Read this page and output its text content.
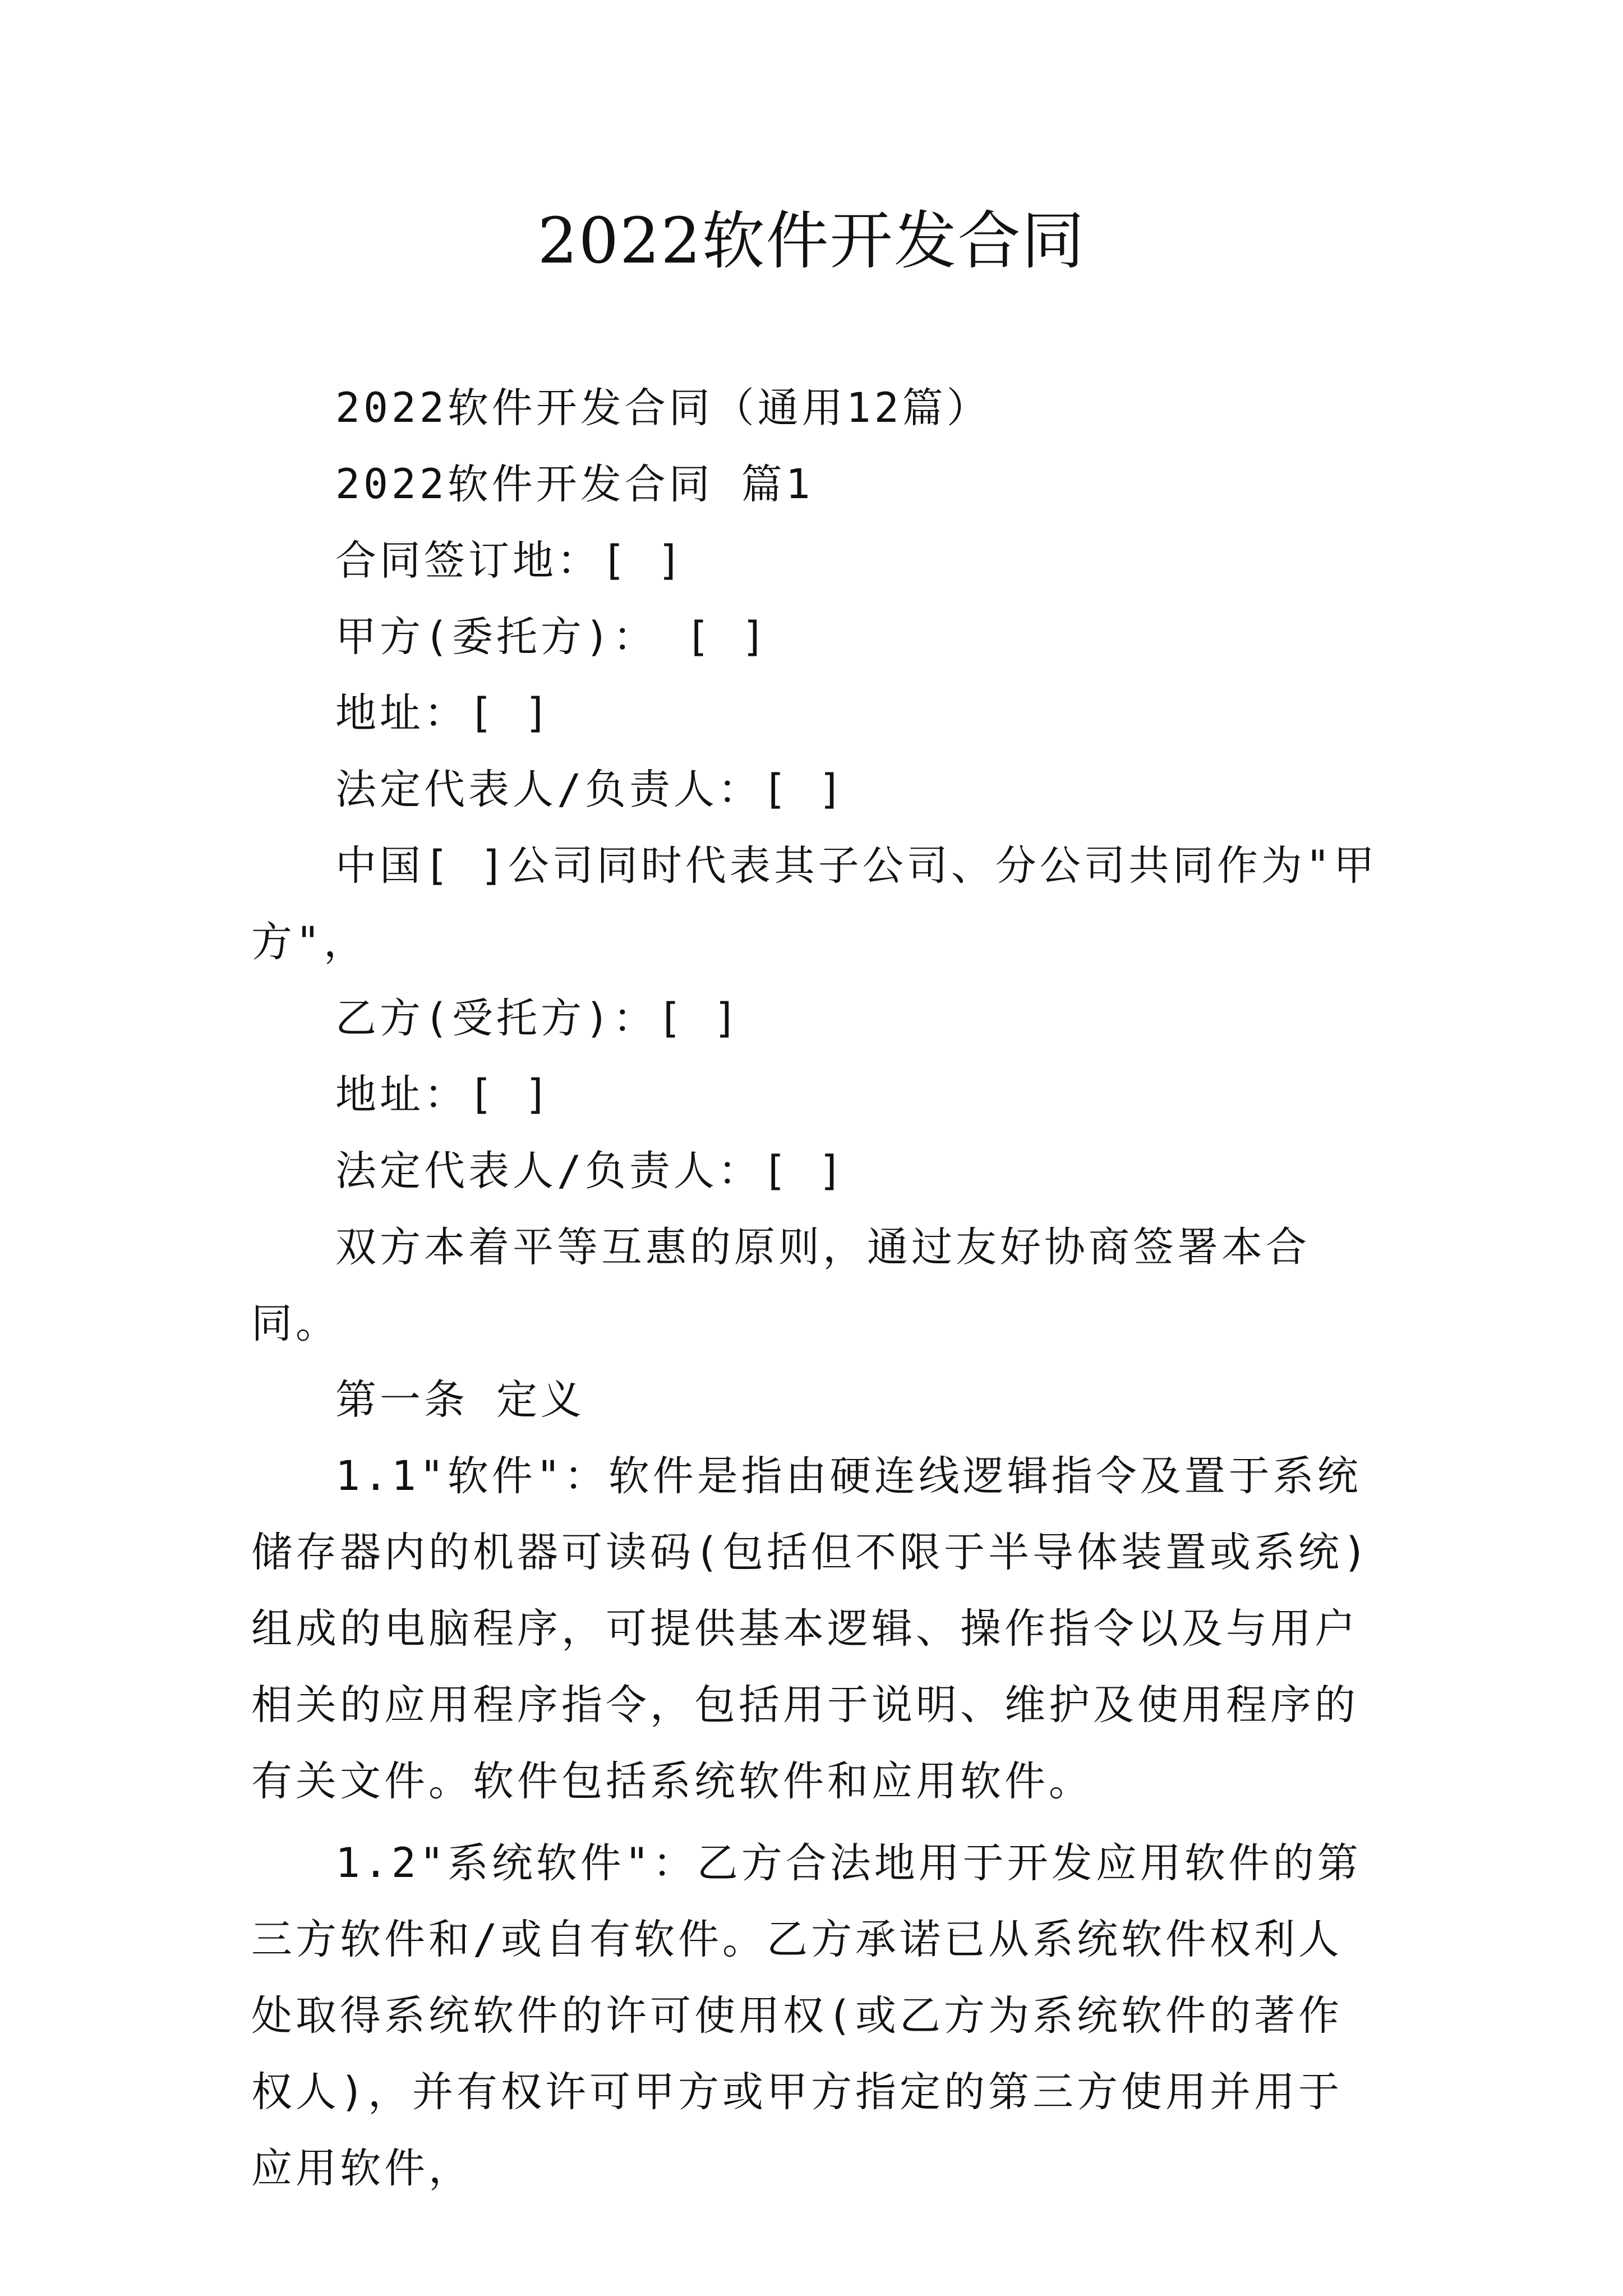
2022软件开发合同

2022软件开发合同（通用12篇）

2022软件开发合同 篇1

合同签订地：[ ]

甲方(委托方)： [ ]

地址：[ ]

法定代表人/负责人：[ ]

中国[ ]公司同时代表其子公司、分公司共同作为"甲方"，

乙方(受托方)：[ ]

地址：[ ]

法定代表人/负责人：[ ]

双方本着平等互惠的原则，通过友好协商签署本合同。

第一条 定义

1.1"软件"：软件是指由硬连线逻辑指令及置于系统储存器内的机器可读码(包括但不限于半导体装置或系统)组成的电脑程序，可提供基本逻辑、操作指令以及与用户相关的应用程序指令，包括用于说明、维护及使用程序的有关文件。软件包括系统软件和应用软件。

1.2"系统软件"：乙方合法地用于开发应用软件的第三方软件和/或自有软件。乙方承诺已从系统软件权利人处取得系统软件的许可使用权(或乙方为系统软件的著作权人)，并有权许可甲方或甲方指定的第三方使用并用于应用软件，
